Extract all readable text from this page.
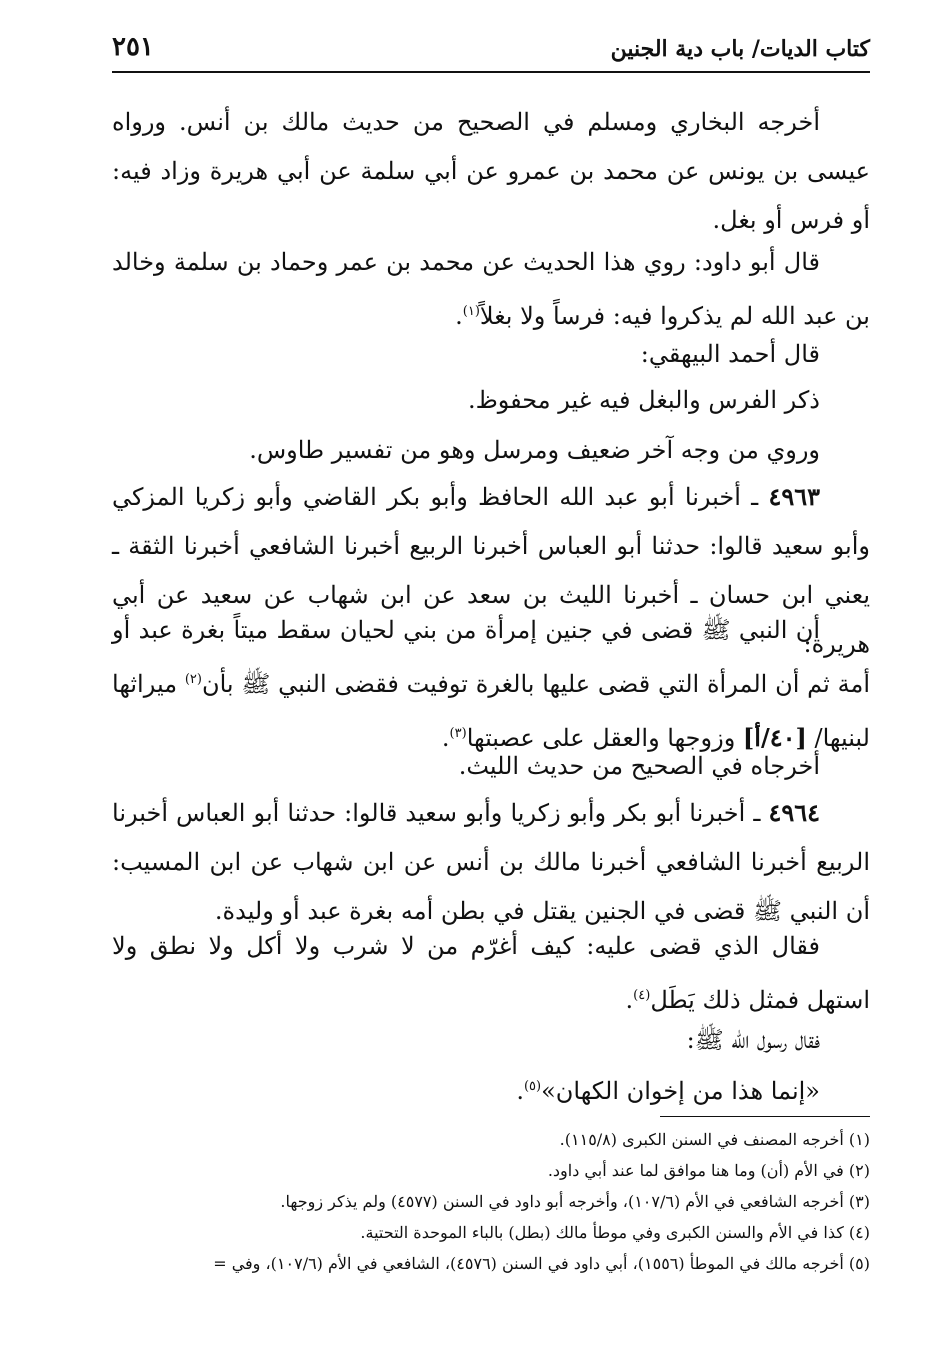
كتاب الديات/ باب دية الجنين
٢٥١
أخرجه البخاري ومسلم في الصحيح من حديث مالك بن أنس. ورواه عيسى بن يونس عن محمد بن عمرو عن أبي سلمة عن أبي هريرة وزاد فيه: أو فرس أو بغل.
قال أبو داود: روي هذا الحديث عن محمد بن عمر وحماد بن سلمة وخالد بن عبد الله لم يذكروا فيه: فرساً ولا بغلاً$^{(١)}$.
قال أحمد البيهقي:
ذكر الفرس والبغل فيه غير محفوظ.
وروي من وجه آخر ضعيف ومرسل وهو من تفسير طاوس.
٤٩٦٣ ـ أخبرنا أبو عبد الله الحافظ وأبو بكر القاضي وأبو زكريا المزكي وأبو سعيد قالوا: حدثنا أبو العباس أخبرنا الربيع أخبرنا الشافعي أخبرنا الثقة ـ يعني ابن حسان ـ أخبرنا الليث بن سعد عن ابن شهاب عن سعيد عن أبي هريرة:
أن النبي ﷺ قضى في جنين إمرأة من بني لحيان سقط ميتاً بغرة عبد أو أمة ثم أن المرأة التي قضى عليها بالغرة توفيت فقضى النبي ﷺ بأن$^{(٢)}$ ميراثها لبنيها/ [٤٠/أ] وزوجها والعقل على عصبتها$^{(٣)}$.
أخرجاه في الصحيح من حديث الليث.
٤٩٦٤ ـ أخبرنا أبو بكر وأبو زكريا وأبو سعيد قالوا: حدثنا أبو العباس أخبرنا الربيع أخبرنا الشافعي أخبرنا مالك بن أنس عن ابن شهاب عن ابن المسيب: أن النبي ﷺ قضى في الجنين يقتل في بطن أمه بغرة عبد أو وليدة.
فقال الذي قضى عليه: كيف أغرّم من لا شرب ولا أكل ولا نطق ولا استهل فمثل ذلك يَطَل$^{(٤)}$.
فقال رسول الله ﷺ:
«إنما هذا من إخوان الكهان»$^{(٥)}$.
(١) أخرجه المصنف في السنن الكبرى (١١٥/٨).
(٢) في الأم (أن) وما هنا موافق لما عند أبي داود.
(٣) أخرجه الشافعي في الأم (١٠٧/٦)، وأخرجه أبو داود في السنن (٤٥٧٧) ولم يذكر زوجها.
(٤) كذا في الأم والسنن الكبرى وفي موطأ مالك (بطل) بالباء الموحدة التحتية.
(٥) أخرجه مالك في الموطأ (١٥٥٦)، أبي داود في السنن (٤٥٧٦)، الشافعي في الأم (١٠٧/٦)، وفي =
